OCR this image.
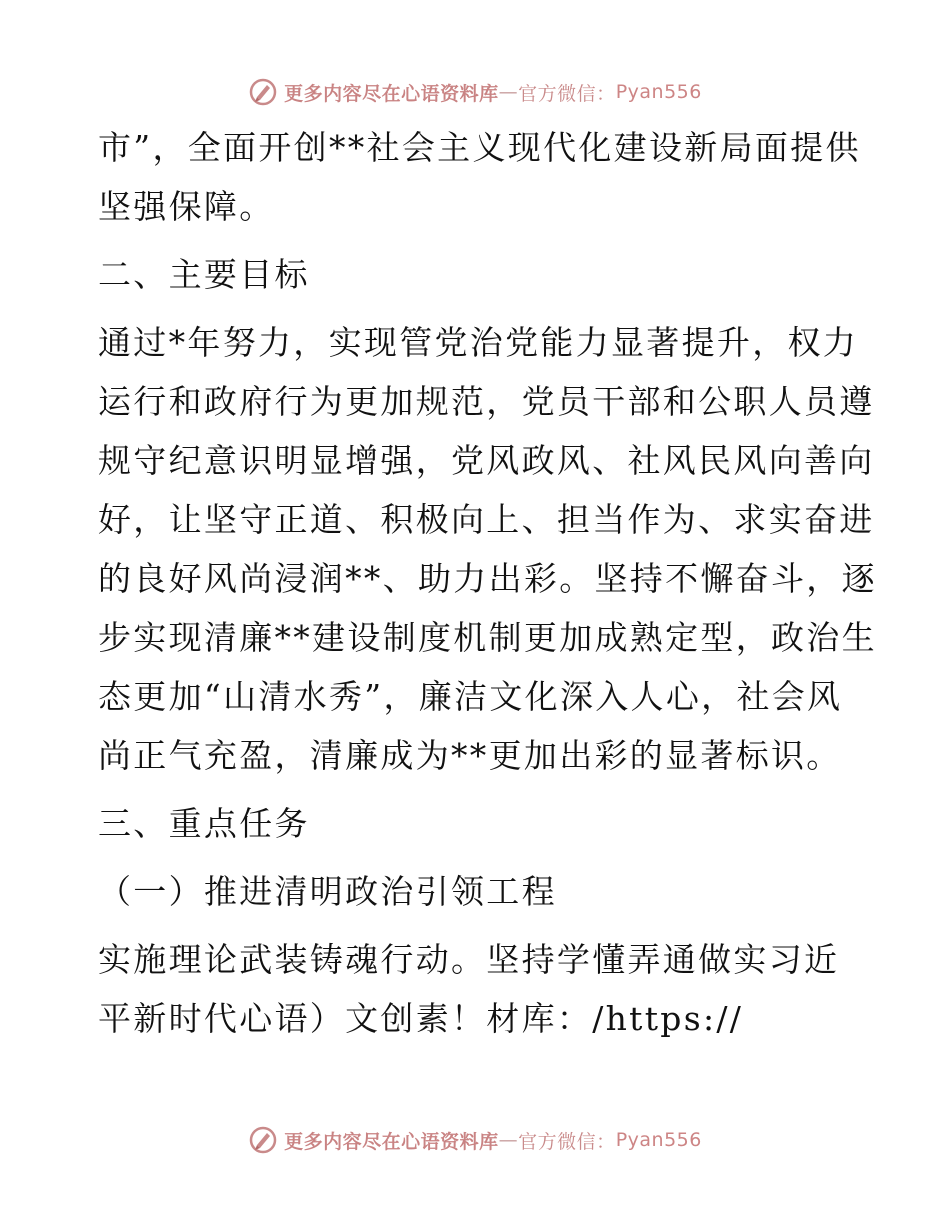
更多内容尽在心语资料库 — 官方微信： Pyan556
市”，全面开创**社会主义现代化建设新局面提供
坚强保障。
二、主要目标
通过*年努力，实现管党治党能力显著提升，权力
运行和政府行为更加规范，党员干部和公职人员遵
规守纪意识明显增强，党风政风、社风民风向善向
好，让坚守正道、积极向上、担当作为、求实奋进
的良好风尚浸润**、助力出彩。坚持不懈奋斗，逐
步实现清廉**建设制度机制更加成熟定型，政治生
态更加“山清水秀”，廉洁文化深入人心，社会风
尚正气充盈，清廉成为**更加出彩的显著标识。
三、重点任务
（一）推进清明政治引领工程
实施理论武装铸魂行动。坚持学懂弄通做实习近
平新时代心语）文创素！材库：/https://
更多内容尽在心语资料库 — 官方微信： Pyan556
